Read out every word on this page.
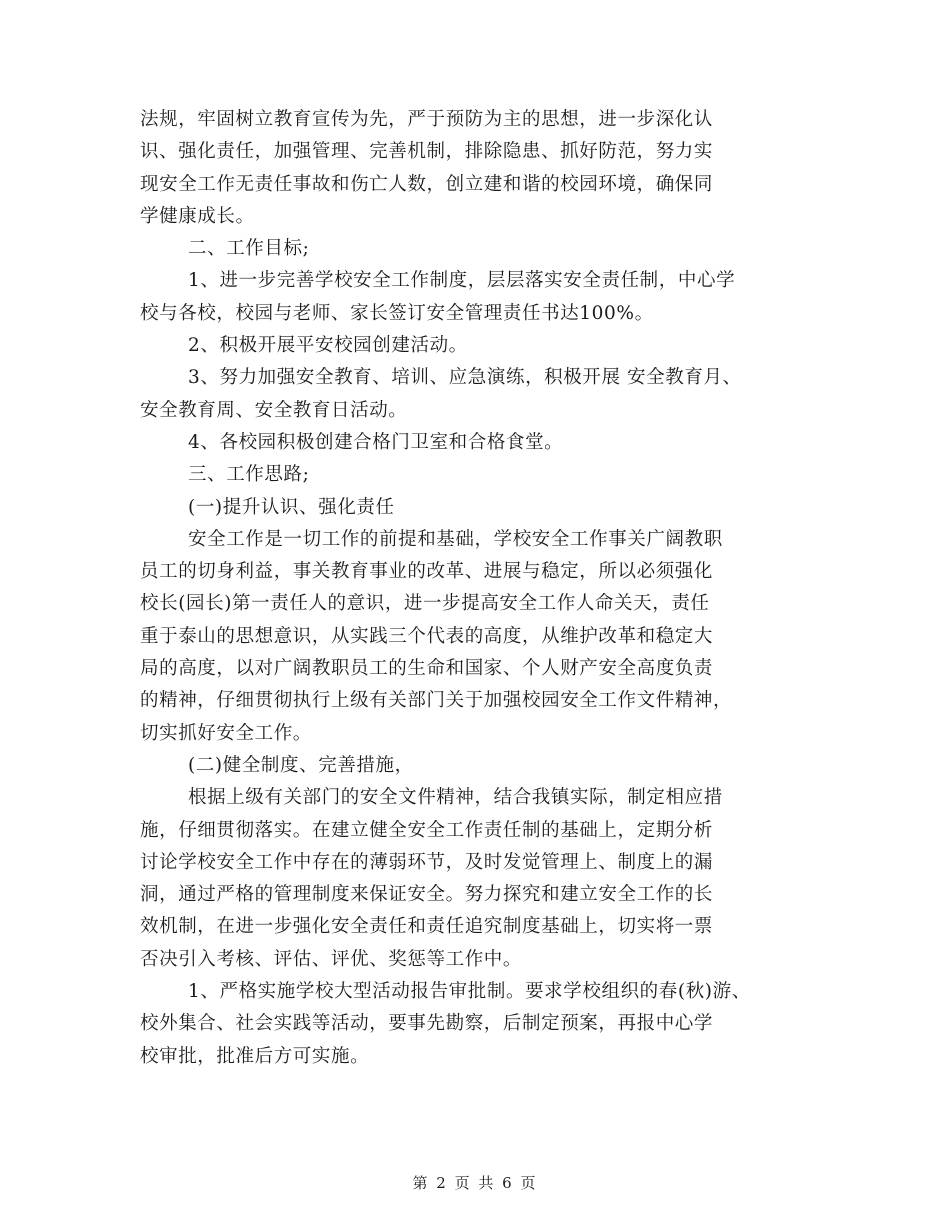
法规，牢固树立教育宣传为先，严于预防为主的思想，进一步深化认
识、强化责任，加强管理、完善机制，排除隐患、抓好防范，努力实
现安全工作无责任事故和伤亡人数，创立建和谐的校园环境，确保同
学健康成长。
二、工作目标;
1、进一步完善学校安全工作制度，层层落实安全责任制，中心学
校与各校，校园与老师、家长签订安全管理责任书达100%。
2、积极开展平安校园创建活动。
3、努力加强安全教育、培训、应急演练，积极开展 安全教育月、
安全教育周、安全教育日活动。
4、各校园积极创建合格门卫室和合格食堂。
三、工作思路;
(一)提升认识、强化责任
安全工作是一切工作的前提和基础，学校安全工作事关广阔教职
员工的切身利益，事关教育事业的改革、进展与稳定，所以必须强化
校长(园长)第一责任人的意识，进一步提高安全工作人命关天，责任
重于泰山的思想意识，从实践三个代表的高度，从维护改革和稳定大
局的高度，以对广阔教职员工的生命和国家、个人财产安全高度负责
的精神，仔细贯彻执行上级有关部门关于加强校园安全工作文件精神，
切实抓好安全工作。
(二)健全制度、完善措施，
根据上级有关部门的安全文件精神，结合我镇实际，制定相应措
施，仔细贯彻落实。在建立健全安全工作责任制的基础上，定期分析
讨论学校安全工作中存在的薄弱环节，及时发觉管理上、制度上的漏
洞，通过严格的管理制度来保证安全。努力探究和建立安全工作的长
效机制，在进一步强化安全责任和责任追究制度基础上，切实将一票
否决引入考核、评估、评优、奖惩等工作中。
1、严格实施学校大型活动报告审批制。要求学校组织的春(秋)游、
校外集合、社会实践等活动，要事先勘察，后制定预案，再报中心学
校审批，批准后方可实施。
第 2 页 共 6 页
